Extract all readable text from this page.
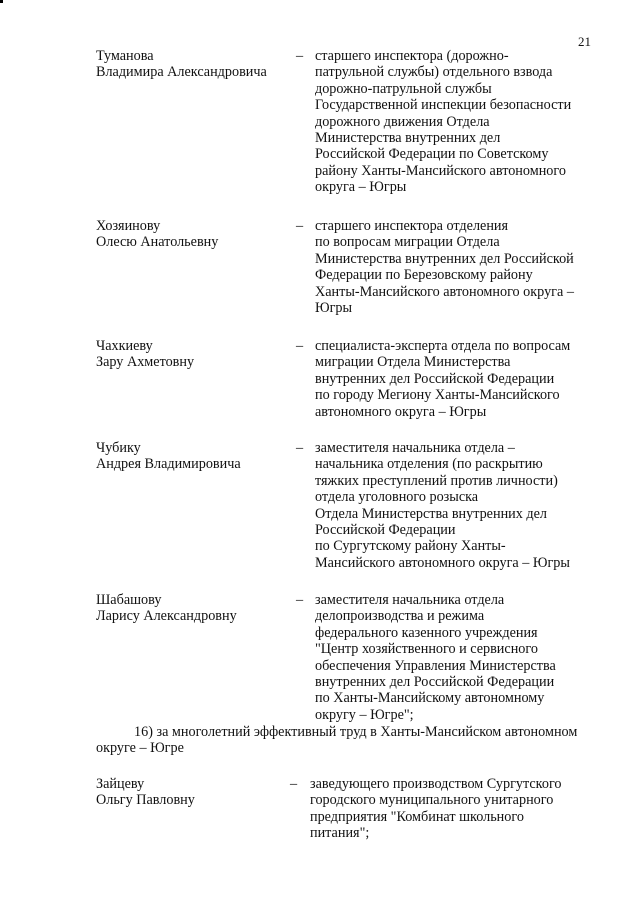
21
Туманова
Владимира Александровича
– старшего инспектора (дорожно-
патрульной службы) отдельного взвода
дорожно-патрульной службы
Государственной инспекции безопасности
дорожного движения Отдела
Министерства внутренних дел
Российской Федерации по Советскому
району Ханты-Мансийского автономного
округа – Югры
Хозяинову
Олесю Анатольевну
– старшего инспектора отделения
по вопросам миграции Отдела
Министерства внутренних дел Российской
Федерации по Березовскому району
Ханты-Мансийского автономного округа –
Югры
Чахкиеву
Зару Ахметовну
– специалиста-эксперта отдела по вопросам
миграции Отдела Министерства
внутренних дел Российской Федерации
по городу Мегиону Ханты-Мансийского
автономного округа – Югры
Чубику
Андрея Владимировича
– заместителя начальника отдела –
начальника отделения (по раскрытию
тяжких преступлений против личности)
отдела уголовного розыска
Отдела Министерства внутренних дел
Российской Федерации
по Сургутскому району Ханты-
Мансийского автономного округа – Югры
Шабашову
Ларису Александровну
– заместителя начальника отдела
делопроизводства и режима
федерального казенного учреждения
"Центр хозяйственного и сервисного
обеспечения Управления Министерства
внутренних дел Российской Федерации
по Ханты-Мансийскому автономному
округу – Югре";
16) за многолетний эффективный труд в Ханты-Мансийском автономном
округе – Югре
Зайцеву
Ольгу Павловну
– заведующего производством Сургутского
городского муниципального унитарного
предприятия "Комбинат школьного
питания";
